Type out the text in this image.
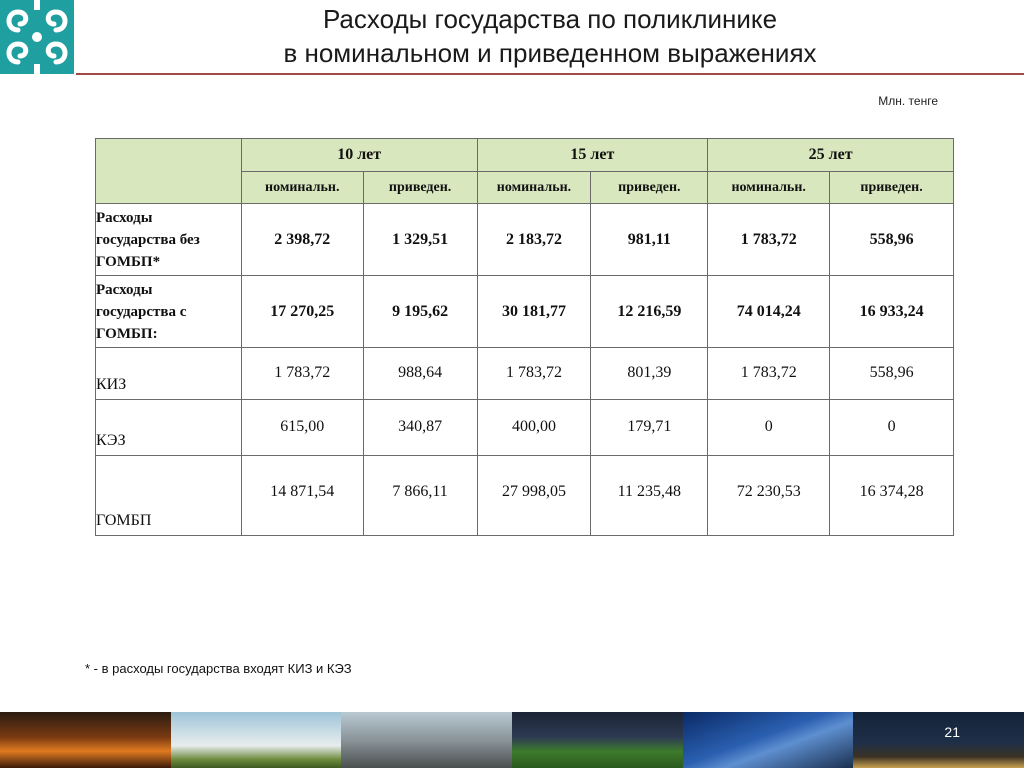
Расходы государства по поликлинике
в номинальном и приведенном выражениях
Млн. тенге
	10 лет		15 лет		25 лет	
	номинальн.	приведен.	номинальн.	приведен.	номинальн.	приведен.

Расходы
государства без
ГОМБП*	2 398,72	1 329,51	2 183,72	981,11	1 783,72	558,96

Расходы
государства с
ГОМБП:	17 270,25	9 195,62	30 181,77	12 216,59	74 014,24	16 933,24
КИЗ	1 783,72	988,64	1 783,72	801,39	1 783,72	558,96
КЭЗ	615,00	340,87	400,00	179,71	0	0
ГОМБП	14 871,54	7 866,11	27 998,05	11 235,48	72 230,53	16 374,28
* - в расходы государства входят КИЗ и КЭЗ
21
